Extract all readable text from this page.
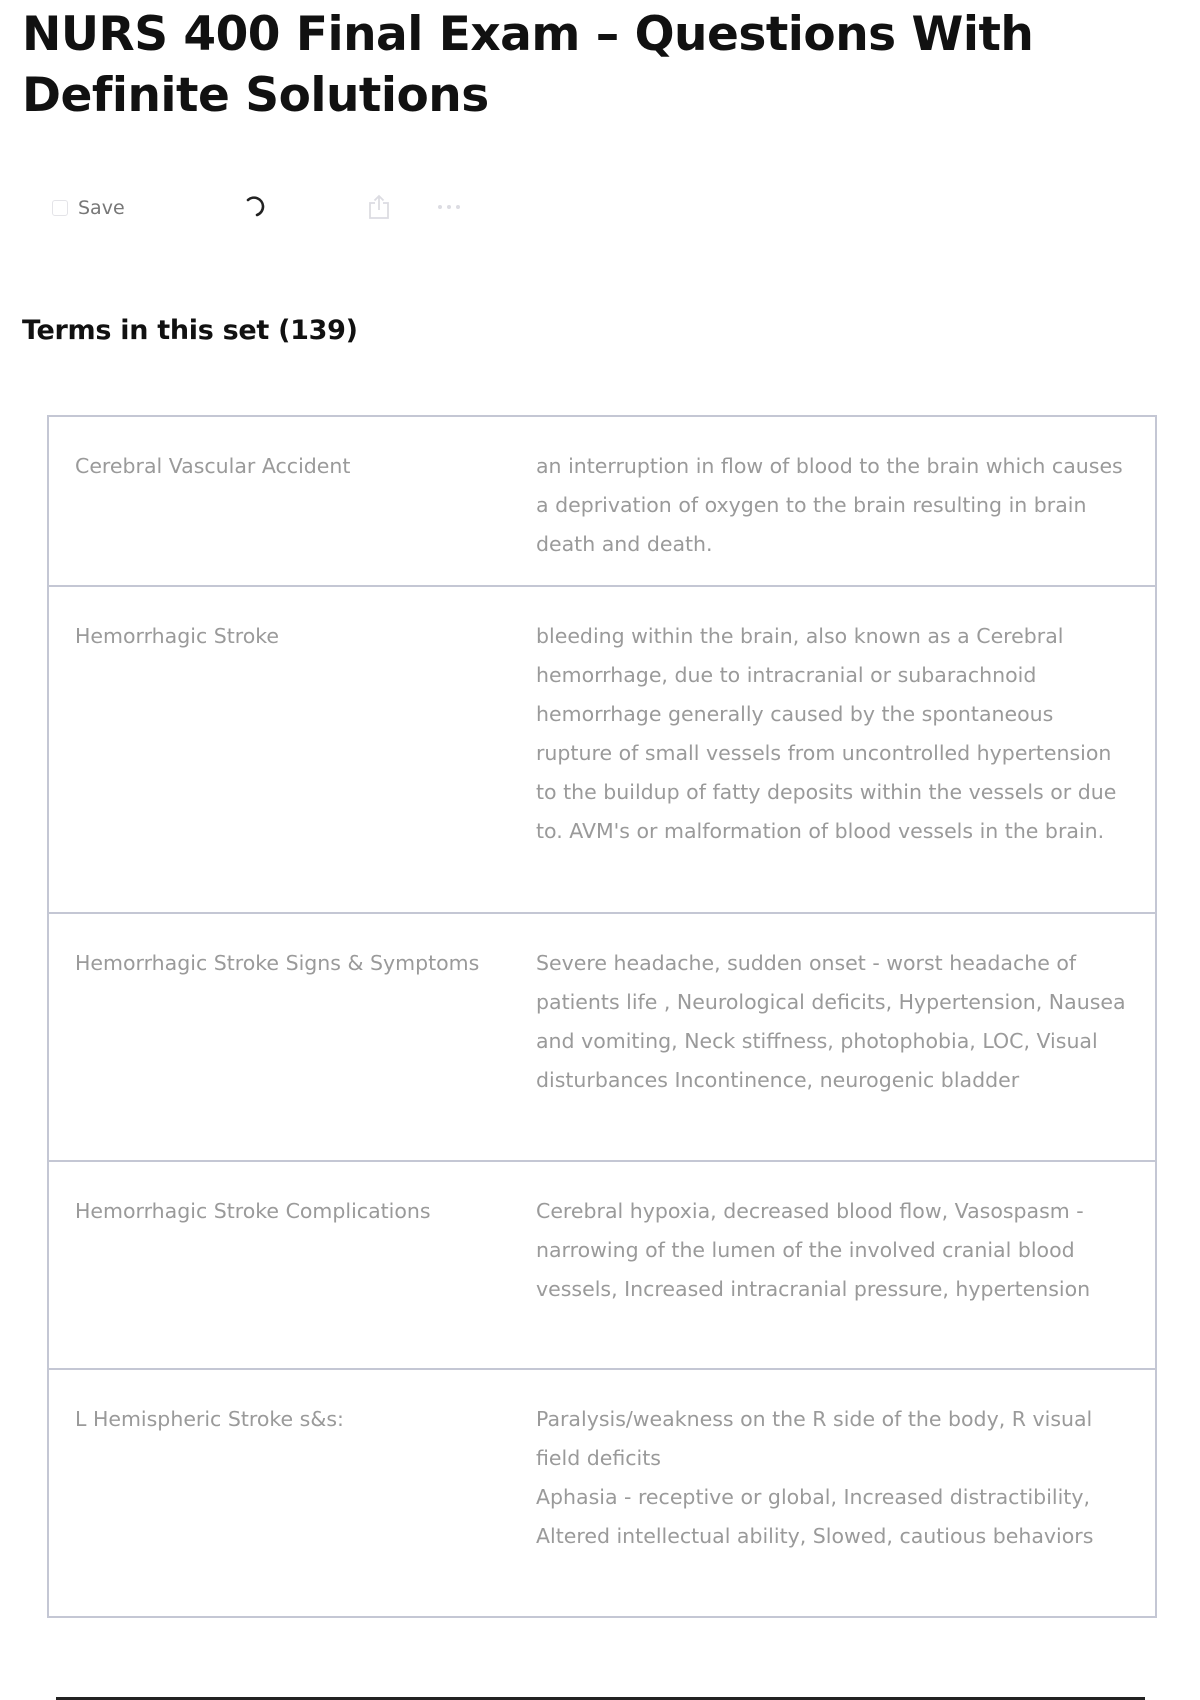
NURS 400 Final Exam – Questions With Definite Solutions
Save
Terms in this set (139)
Cerebral Vascular Accident	an interruption in flow of blood to the brain which causes a deprivation of oxygen to the brain resulting in brain death and death.
Hemorrhagic Stroke	bleeding within the brain, also known as a Cerebral hemorrhage, due to intracranial or subarachnoid hemorrhage generally caused by the spontaneous rupture of small vessels from uncontrolled hypertension to the buildup of fatty deposits within the vessels or due to. AVM's or malformation of blood vessels in the brain.
Hemorrhagic Stroke Signs & Symptoms	Severe headache, sudden onset - worst headache of patients life , Neurological deficits, Hypertension, Nausea and vomiting, Neck stiffness, photophobia, LOC, Visual disturbances Incontinence, neurogenic bladder
Hemorrhagic Stroke Complications	Cerebral hypoxia, decreased blood flow, Vasospasm - narrowing of the lumen of the involved cranial blood vessels, Increased intracranial pressure, hypertension
L Hemispheric Stroke s&s:	Paralysis/weakness on the R side of the body, R visual field deficits
Aphasia - receptive or global, Increased distractibility, Altered intellectual ability, Slowed, cautious behaviors
